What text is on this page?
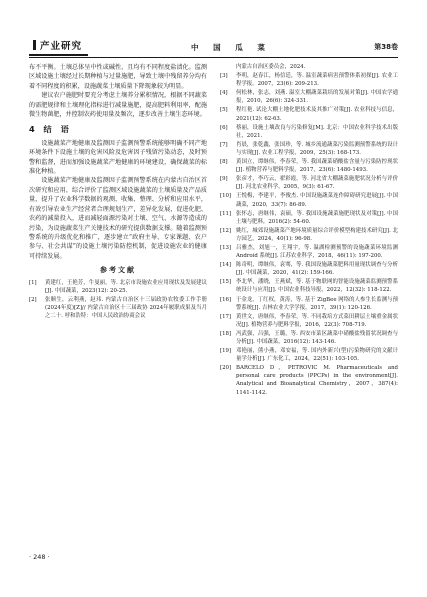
产业研究	中 国 瓜 菜	第38卷

布不平衡。土壤总体呈中性或碱性，且均有不同程度盐渍化。监测区域设施土壤经过长期种植与过量施肥，导致土壤中残留养分均有着不同程度的积累，设施蔬菜土壤质量下降现象较为明显。

建议农户施肥时要充分考虑土壤养分累积情况，根据不同蔬菜的需肥规律和土壤理化指标进行减量施肥，提高肥料利用率，配施微生物菌肥，并控制农药使用量及频次，逐步改善土壤生态环境。

4 结 语

设施蔬菜产地健康及监测因子监测预警系统能够明确不同产地环境条件下设施土壤的危害风险及危害因子残留污染动态，及时预警和监督，进而加强设施蔬菜产地健康的环境建设，确保蔬菜的标准化种植。

设施蔬菜产地健康及监测因子监测预警系统在内蒙古自治区首次研究和应用，综合评价了监测区域设施蔬菜的土壤质量及产品质量，提升了农业科学数据的观测、收集、整理、分析和应用水平，有效引导农业生产经营者合理规划生产，差异化发展，促进化肥、农药的减量投入，进而减轻面源污染对土壤、空气、水源等造成的污染，为设施蔬菜生产关键技术的研究提供数据支撑。随着监测预警系统的升级优化和推广，逐步建立“政府主导、专家课题、农户参与、社会共谋”的设施土壤污染防控机制，促进设施农业的健康可持续发展。

参考文献
[1] 黄建红，王艳芳，牛曼丽，等. 北京市设施农业应用现状及发展建议[J]. 中国蔬菜，2023(12): 20-25.
[2] 张顺生，云利燕，赵玮. 内蒙古自治区十三届政协农牧委工作手册(2024年度)[Z]// 内蒙古自治区十三届政协 2024年履职成果及当月之二十. 呼和浩特：中国人民政治协商会议
内蒙古自治区委员会，2024.
[3] 李明，赵春江，杨信廷，等. 温室蔬菜病害预警体系初探[J]. 农业工程学报，2007，23(6): 209-213.
[4] 何松林，张志，刘燕. 温室大棚蔬菜栽培的发展对策[J]. 中国农学通报，2010，26(6): 324-331.
[5] 程红艳. 试论大棚土地化肥技术及其推广对策[J]. 农业科技与信息，2021(12): 62-63.
[6] 蔡丽，设施土壤改良与污染修复[M]. 北京：中国农业科学技术出版社，2021.
[7] 肖晨，张乾鑫，张国珍，等. 城乡流通蔬菜污染监测预警系统的设计与实现[J]. 农业工程学报，2009，25(3): 168-173.
[8] 黄国立，谭继伟，李春荣，等. 我国蔬菜硝酸盐含量与污染防控现状[J]. 植物营养与肥料学报，2017，23(6): 1480-1493.
[9] 张彦才，李巧云，翟彩霞，等. 河北省大棚蔬菜施肥状况分析与评价[J]. 河北农业科学，2005，9(3): 61-67.
[10] 王悦梅，李建平，李俊杰. 中国设施蔬菜连作障碍研究进展[J]. 中国蔬菜，2020，33(7): 86-89.
[11] 张怀志，唐继伟，袁硕，等. 我国设施蔬菜施肥现状及对策[J]. 中国土壤与肥料，2016(2): 54-60.
[12] 姚红，城郊设施蔬菜产地环境质量综合评价模型构建技术研究[J]. 北方园艺，2024，40(1): 96-98.
[13] 吕雅杰，刘旭一，王翔宇，等. 温湖检测预警的设施蔬菜环境监测 Android 系统[J]. 江苏农业科学，2018，46(11): 197-200.
[14] 陈奇明，谭继伟，袁骞，等. 我国设施蔬菜肥料用量现状调查与分析[J]. 中国蔬菜，2020，41(2): 159-166.
[15] 李北华，潘晓，王燕斌，等. 基于物联网的智能设施蔬菜监测预警系统设计与应用[J]. 中国农业科技导报，2022，12(32): 118-122.
[16] 于金龙，丁红权，黄涛，等. 基于 ZigBee 网络的人参生长监测与预警系统[J]. 吉林农业大学学报，2017，39(1): 120-126.
[17] 黄世文，唐继伟，李春荣，等. 不同栽培方式菜田耕层土壤重金属状况[J]. 植物营养与肥料学报，2016，22(3): 708-719.
[18] 冯武强，吕强，王璐，等. 西安市菜区蔬菜中硝酸盐残留状况调查与分析[J]. 中国蔬菜，2016(12): 143-146.
[19] 邓艳丽，熊小燕，邓安福，等. 国内外新兴(型)污染物研究的文献计量学分析[J]. 广东化工，2024，22(51): 103-105.
[20] BARCELO D，PETROVIC M. Pharmaceuticals and personal care products (PPCPs) in the environment[J]. Analytical and Bioanalytical Chemistry，2007，387(4): 1141-1142.
· 248 ·
